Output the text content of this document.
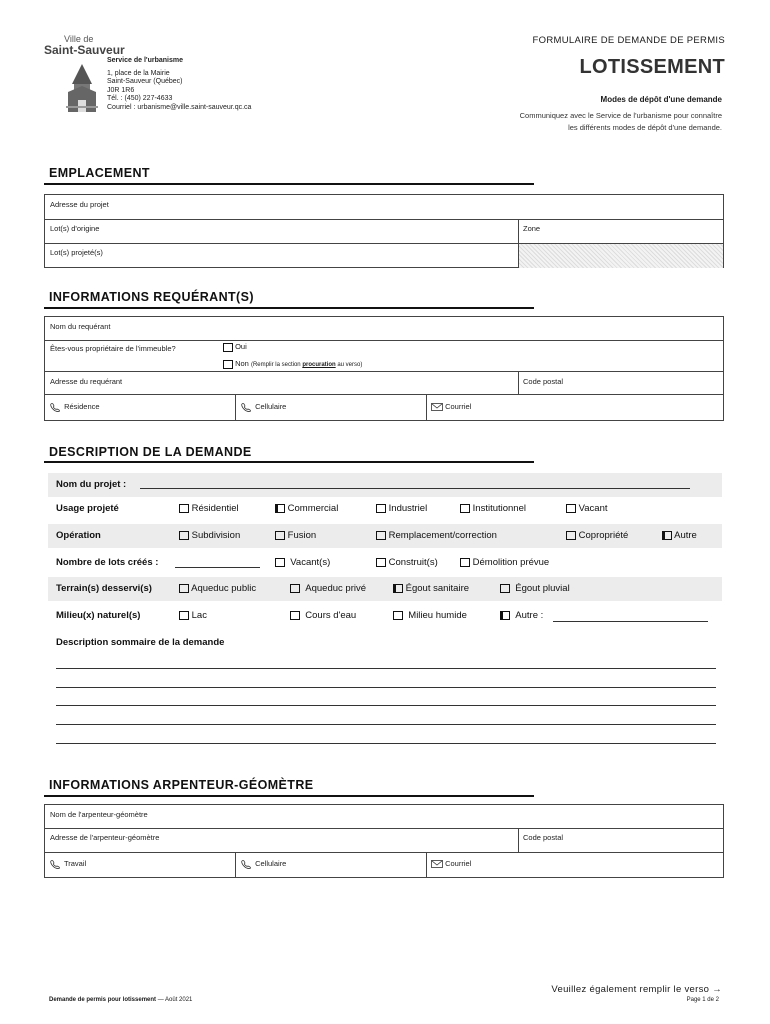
Ville de
Saint-Sauveur
Service de l'urbanisme
1, place de la Mairie
Saint-Sauveur (Québec)
J0R 1R6
Tél. : (450) 227-4633
Courriel : urbanisme@ville.saint-sauveur.qc.ca
FORMULAIRE DE DEMANDE DE PERMIS
LOTISSEMENT
Modes de dépôt d'une demande
Communiquez avec le Service de l'urbanisme pour connaître
les différents modes de dépôt d'une demande.
EMPLACEMENT
Adresse du projet
Lot(s) d'origine	Zone
Lot(s) projeté(s)
INFORMATIONS REQUÉRANT(S)
Nom du requérant
Êtes-vous propriétaire de l'immeuble?	Oui
Non (Remplir la section procuration au verso)
Adresse du requérant	Code postal
Résidence	Cellulaire	Courriel
DESCRIPTION DE LA DEMANDE
Nom du projet :
Usage projeté	Résidentiel	Commercial	Industriel	Institutionnel	Vacant
Opération	Subdivision	Fusion	Remplacement/correction	Copropriété	Autre
Nombre de lots créés :	Vacant(s)	Construit(s)	Démolition prévue
Terrain(s) desservi(s)	Aqueduc public	Aqueduc privé	Égout sanitaire	Égout pluvial
Milieu(x) naturel(s)	Lac	Cours d'eau	Milieu humide	Autre :
Description sommaire de la demande
INFORMATIONS ARPENTEUR-GÉOMÈTRE
Nom de l'arpenteur-géomètre
Adresse de l'arpenteur-géomètre	Code postal
Travail	Cellulaire	Courriel
Veuillez également remplir le verso →
Demande de permis pour lotissement — Août 2021	Page 1 de 2
